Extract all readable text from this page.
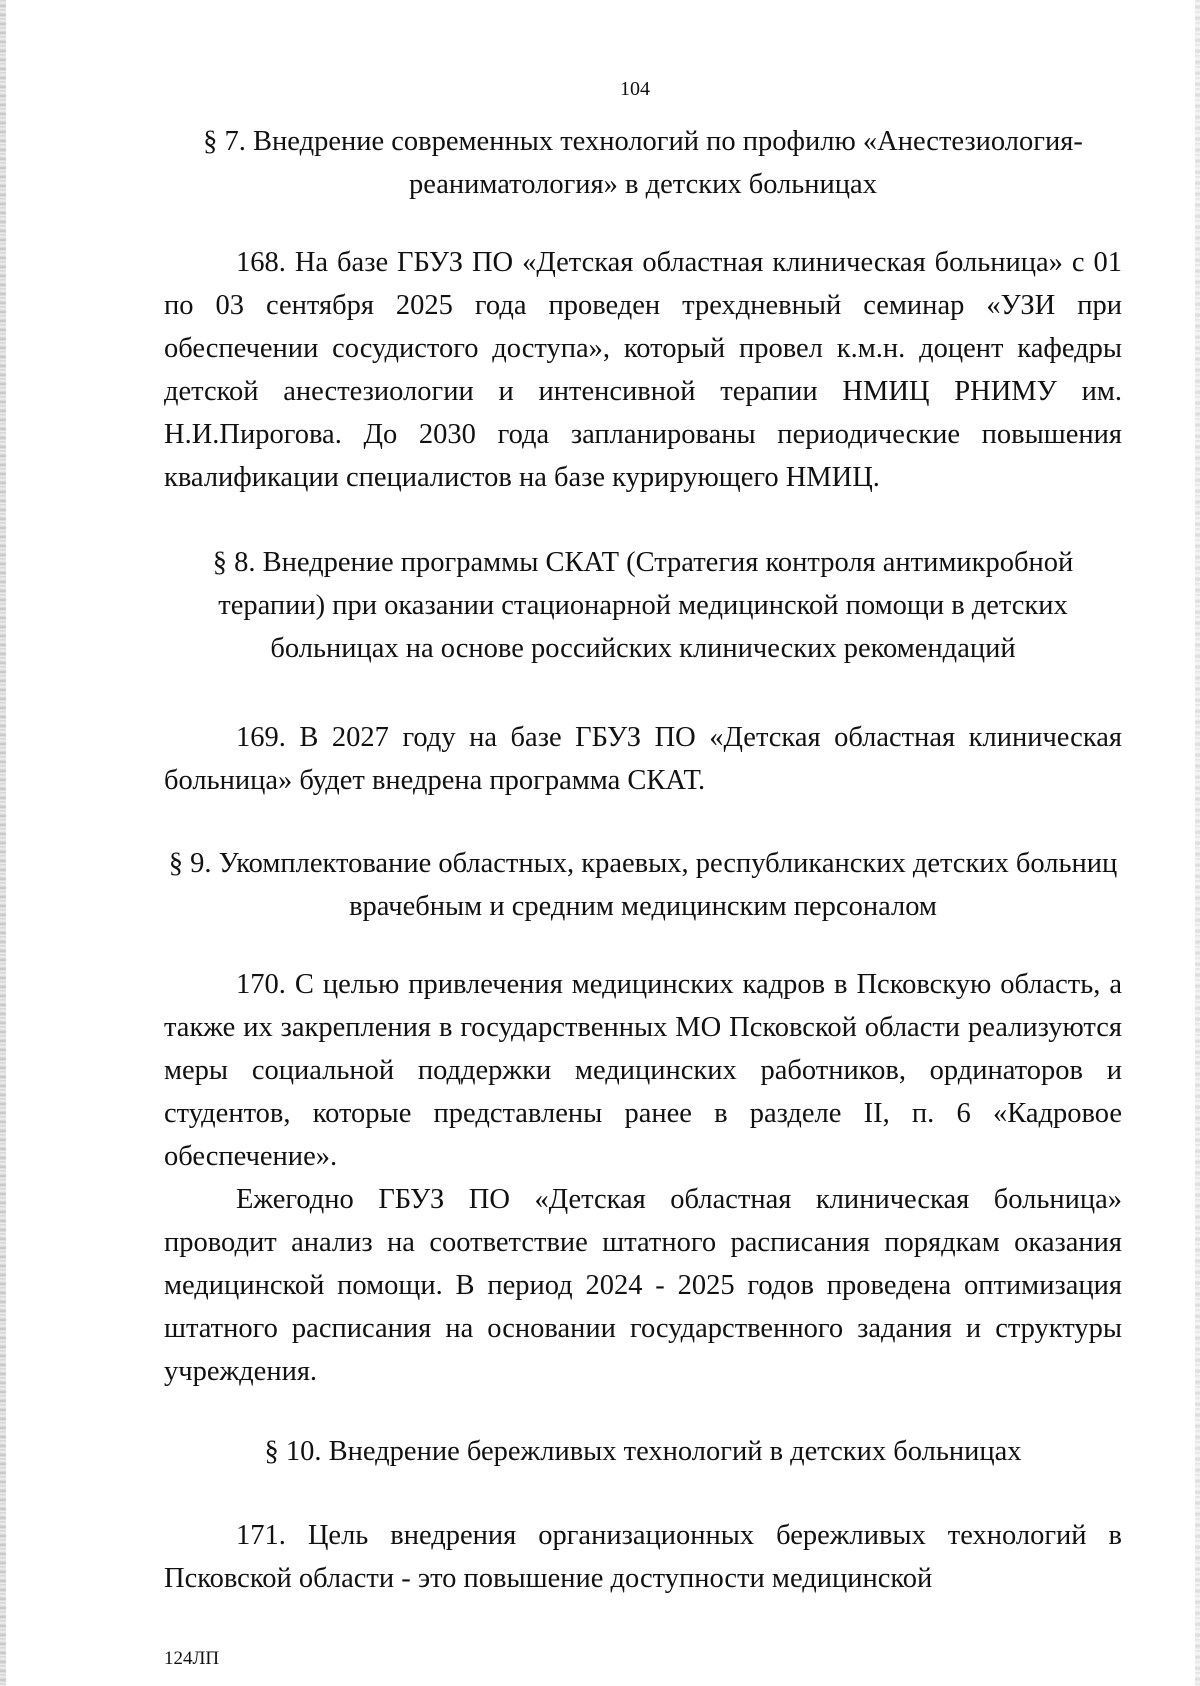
104
§ 7. Внедрение современных технологий по профилю «Анестезиология-реаниматология» в детских больницах

168. На базе ГБУЗ ПО «Детская областная клиническая больница» с 01 по 03 сентября 2025 года проведен трехдневный семинар «УЗИ при обеспечении сосудистого доступа», который провел к.м.н. доцент кафедры детской анестезиологии и интенсивной терапии НМИЦ РНИМУ им. Н.И.Пирогова. До 2030 года запланированы периодические повышения квалификации специалистов на базе курирующего НМИЦ.

§ 8. Внедрение программы СКАТ (Стратегия контроля антимикробной терапии) при оказании стационарной медицинской помощи в детских больницах на основе российских клинических рекомендаций

169. В 2027 году на базе ГБУЗ ПО «Детская областная клиническая больница» будет внедрена программа СКАТ.

§ 9. Укомплектование областных, краевых, республиканских детских больниц врачебным и средним медицинским персоналом

170. С целью привлечения медицинских кадров в Псковскую область, а также их закрепления в государственных МО Псковской области реализуются меры социальной поддержки медицинских работников, ординаторов и студентов, которые представлены ранее в разделе II, п. 6 «Кадровое обеспечение».

Ежегодно ГБУЗ ПО «Детская областная клиническая больница» проводит анализ на соответствие штатного расписания порядкам оказания медицинской помощи. В период 2024 - 2025 годов проведена оптимизация штатного расписания на основании государственного задания и структуры учреждения.

§ 10. Внедрение бережливых технологий в детских больницах

171. Цель внедрения организационных бережливых технологий в Псковской области - это повышение доступности медицинской

124ЛП
